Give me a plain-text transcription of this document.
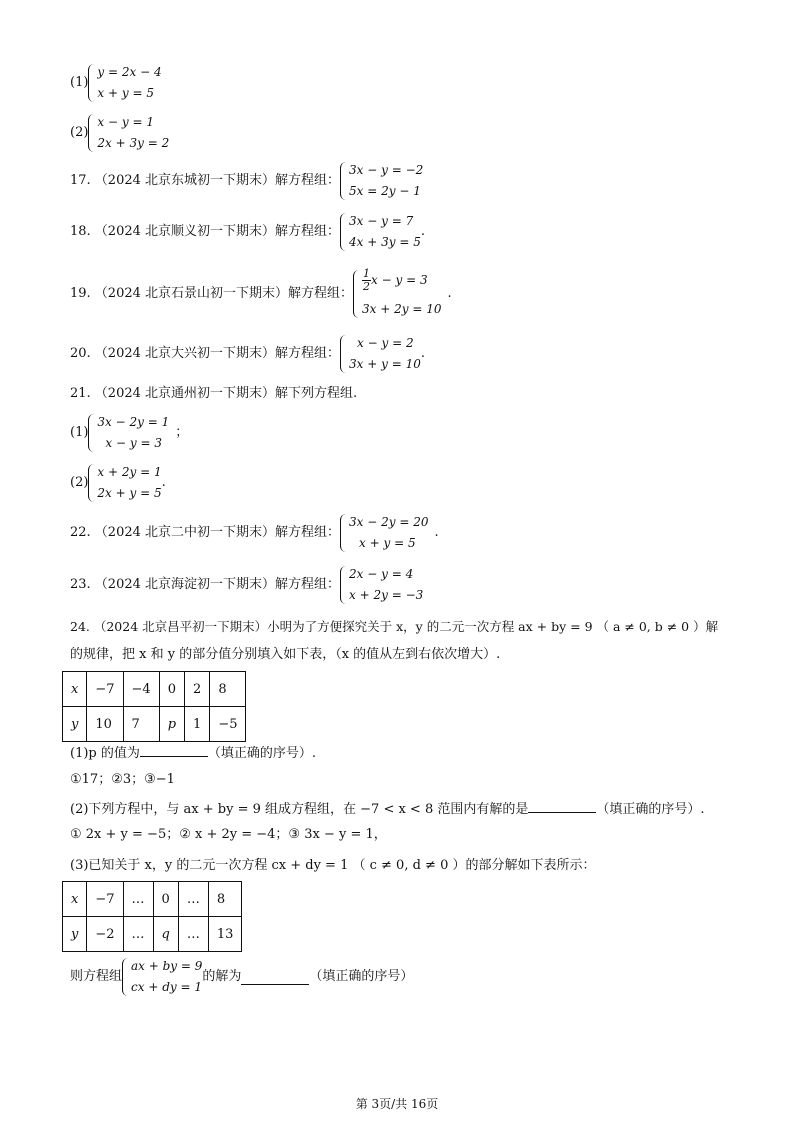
(1)
y = 2x − 4
x + y = 5
(2)
x − y = 1
2x + 3y = 2
17. （2024 北京东城初一下期末）解方程组：
3x − y = −2
5x = 2y − 1
18. （2024 北京顺义初一下期末）解方程组：
3x − y = 7
4x + 3y = 5
.
19. （2024 北京石景山初一下期末）解方程组：
$\frac{1}{2}$ x − y = 3
3x + 2y = 10
.
20. （2024 北京大兴初一下期末）解方程组：
x − y = 2
3x + y = 10
.
21. （2024 北京通州初一下期末）解下列方程组.
(1)
3x − 2y = 1
x − y = 3
；
(2)
x + 2y = 1
2x + y = 5
.
22. （2024 北京二中初一下期末）解方程组：
3x − 2y = 20
x + y = 5
.
23. （2024 北京海淀初一下期末）解方程组：
2x − y = 4
x + 2y = −3
24. （2024 北京昌平初一下期末）小明为了方便探究关于 x，y 的二元一次方程 ax + by = 9 （ a ≠ 0, b ≠ 0 ）解
的规律，把 x 和 y 的部分值分别填入如下表，（x 的值从左到右依次增大）.
x	−7	−4	0	2	8
y	10	7	p	1	−5
(1)p 的值为	（填正确的序号）.
①17；②3；③−1
(2)下列方程中，与 ax + by = 9 组成方程组，在 −7 < x < 8 范围内有解的是	（填正确的序号）.
① 2x + y = −5；② x + 2y = −4；③ 3x − y = 1，
(3)已知关于 x，y 的二元一次方程 cx + dy = 1 （ c ≠ 0, d ≠ 0 ）的部分解如下表所示：
x	−7	…	0	…	8
y	−2	…	q	…	13
则方程组
ax + by = 9
cx + dy = 1
的解为	（填正确的序号）
第 3页/共 16页
